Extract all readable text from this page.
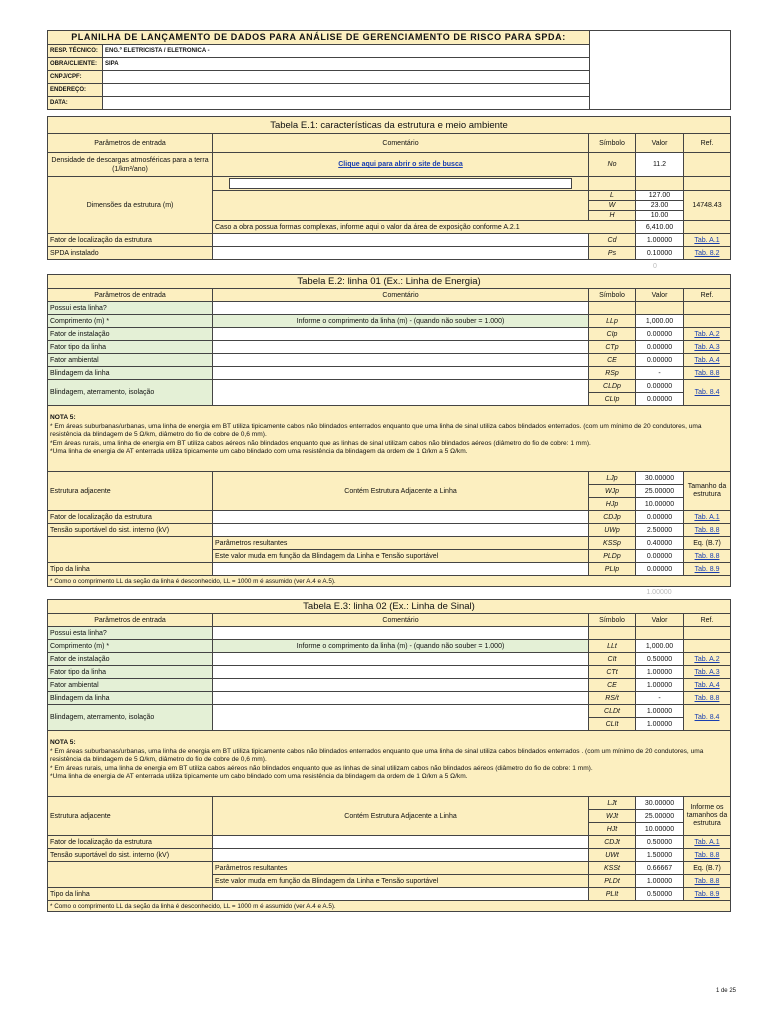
PLANILHA DE LANÇAMENTO DE DADOS PARA ANÁLISE DE GERENCIAMENTO DE RISCO PARA SPDA:		
RESP. TÉCNICO:	ENG.º ELETRICISTA / ELETRONICA -	
OBRA/CLIENTE:	SIPA	
CNPJ/CPF:		
ENDEREÇO:		
DATA:		
Tabela E.1: características da estrutura e meio ambiente				
Parâmetros de entrada	Comentário	Símbolo	Valor	Ref.
Densidade de descargas atmosféricas para a terra (1/km²/ano)	Clique aqui para abrir o site de busca	No	11.2	
Dimensões da estrutura (m)	

		L	127.00	14748.43
		W	23.00	
		H	10.00	
	Caso a obra possua formas complexas, informe aqui o valor da área de exposição conforme A.2.1		6,410.00	
Fator de localização da estrutura		Cd	1.00000	Tab. A.1
SPDA instalado		Ps	0.10000	Tab. 8.2
0
Tabela E.2: linha 01 (Ex.: Linha de Energia)				
Parâmetros de entrada	Comentário	Símbolo	Valor	Ref.
Possui esta linha?				
Comprimento (m) *	Informe o comprimento da linha (m) - (quando não souber = 1.000)	LLp	1,000.00	
Fator de instalação		CIp	0.00000	Tab. A.2
Fator tipo da linha		CTp	0.00000	Tab. A.3
Fator ambiental		CE	0.00000	Tab. A.4
Blindagem da linha		RSp	-	Tab. 8.8
Blindagem, aterramento, isolação		CLDp	0.00000	Tab. 8.4
		CLIp	0.00000	

NOTA 5:
* Em áreas suburbanas/urbanas, uma linha de energia em BT utiliza tipicamente cabos não blindados enterrados enquanto que uma linha de sinal utiliza cabos blindados enterrados. (com um mínimo de 20 condutores, uma resistência da blindagem de 5 Ω/km, diâmetro do fio de cobre de 0,6 mm).
*Em áreas rurais, uma linha de energia em BT utiliza cabos aéreos não blindados enquanto que as linhas de sinal utilizam cabos não blindados aéreos (diâmetro do fio de cobre: 1 mm).
*Uma linha de energia de AT enterrada utiliza tipicamente um cabo blindado com uma resistência da blindagem da ordem de 1 Ω/km a 5 Ω/km.				

Estrutura adjacente	Contém Estrutura Adjacente a Linha	LJp	30.00000	Tamanho da estrutura
		WJp	25.00000	
		HJp	10.00000	
Fator de localização da estrutura		CDJp	0.00000	Tab. A.1
Tensão suportável do sist. interno (kV)		UWp	2.50000	Tab. 8.8
	Parâmetros resultantes	KSSp	0.40000	Eq. (B.7)
	Este valor muda em função da Blindagem da Linha e Tensão suportável	PLDp	0.00000	Tab. 8.8
Tipo da linha		PLIp	0.00000	Tab. 8.9
* Como o comprimento LL da seção da linha é desconhecido, LL = 1000 m é assumido (ver A.4 e A.5).				
1.00000
Tabela E.3: linha 02 (Ex.: Linha de Sinal)				
Parâmetros de entrada	Comentário	Símbolo	Valor	Ref.
Possui esta linha?				
Comprimento (m) *	Informe o comprimento da linha (m) - (quando não souber = 1.000)	LLt	1,000.00	
Fator de instalação		CIt	0.50000	Tab. A.2
Fator tipo da linha		CTt	1.00000	Tab. A.3
Fator ambiental		CE	1.00000	Tab. A.4
Blindagem da linha		RS/t	-	Tab. 8.8
Blindagem, aterramento, isolação		CLDt	1.00000	Tab. 8.4
		CLIt	1.00000	

NOTA 5:
* Em áreas suburbanas/urbanas, uma linha de energia em BT utiliza tipicamente cabos não blindados enterrados enquanto que uma linha de sinal utiliza cabos blindados enterrados . (com um mínimo de 20 condutores, uma resistência da blindagem de 5 Ω/km, diâmetro do fio de cobre de 0,6 mm).
* Em áreas rurais, uma linha de energia em BT utiliza cabos aéreos não blindados enquanto que as linhas de sinal utilizam cabos não blindados aéreos (diâmetro do fio de cobre: 1 mm).
*Uma linha de energia de AT enterrada utiliza tipicamente um cabo blindado com uma resistência da blindagem da ordem de 1 Ω/km a 5 Ω/km.				

Estrutura adjacente	Contém Estrutura Adjacente a Linha	LJt	30.00000	Informe os tamanhos da estrutura
		WJt	25.00000	
		HJt	10.00000	
Fator de localização da estrutura		CDJt	0.50000	Tab. A.1
Tensão suportável do sist. interno (kV)		UWt	1.50000	Tab. 8.8
	Parâmetros resultantes	KSSt	0.66667	Eq. (B.7)
	Este valor muda em função da Blindagem da Linha e Tensão suportável	PLDt	1.00000	Tab. 8.8
Tipo da linha		PLIt	0.50000	Tab. 8.9
* Como o comprimento LL da seção da linha é desconhecido, LL = 1000 m é assumido (ver A.4 e A.5).				
1 de 25
